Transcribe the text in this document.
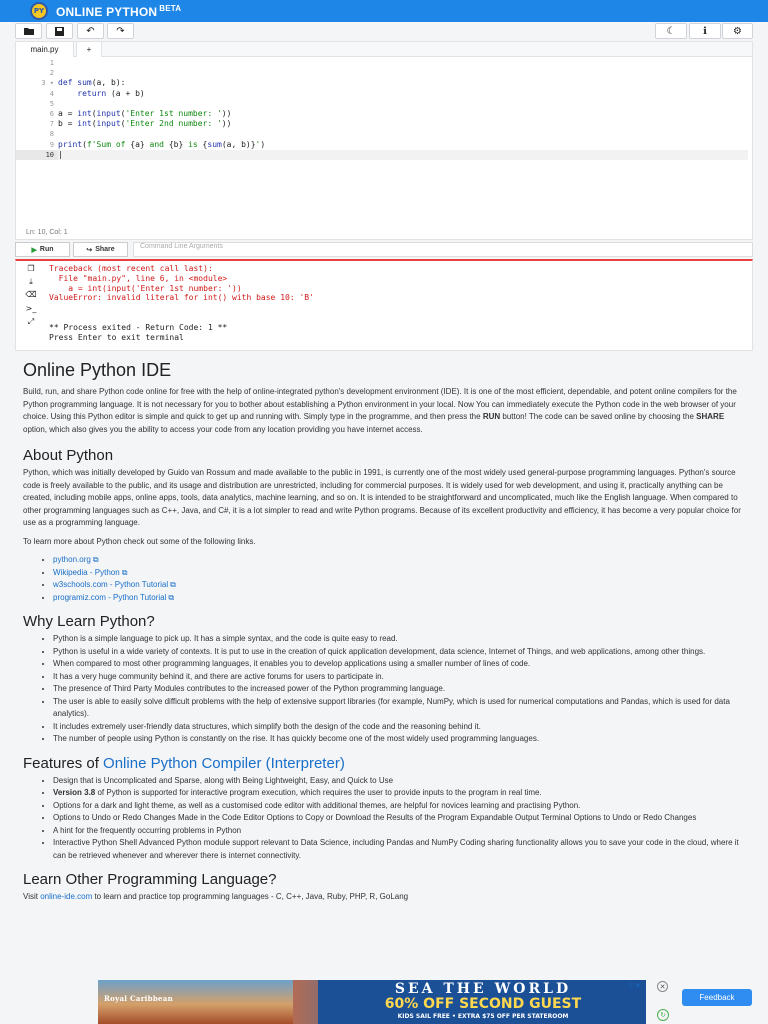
PY ONLINE PYTHON $^{BETA}$
↶	↷	☾	ℹ	⚙
main.py	+
1
2
3 ▾
4
5
6
7
8
9
10
def sum(a, b):
return (a + b)
a = int(input('Enter 1st number: '))
b = int(input('Enter 2nd number: '))
print(f'Sum of {a} and {b} is {sum(a, b)}')
|
Ln: 10, Col: 1
▶ Run	↪ Share	Command Line Arguments
❐
⤓
⌫
>_
⤢
Traceback (most recent call last):
File "main.py", line 6, in <module>
a = int(input('Enter 1st number: '))
ValueError: invalid literal for int() with base 10: 'B'
** Process exited - Return Code: 1 **
Press Enter to exit terminal
Online Python IDE
Build, run, and share Python code online for free with the help of online-integrated python's development environment (IDE). It is one of the most efficient, dependable, and potent online compilers for the Python programming language. It is not necessary for you to bother about establishing a Python environment in your local. Now You can immediately execute the Python code in the web browser of your choice. Using this Python editor is simple and quick to get up and running with. Simply type in the programme, and then press the RUN button! The code can be saved online by choosing the SHARE option, which also gives you the ability to access your code from any location providing you have internet access.
About Python
Python, which was initially developed by Guido van Rossum and made available to the public in 1991, is currently one of the most widely used general-purpose programming languages. Python's source code is freely available to the public, and its usage and distribution are unrestricted, including for commercial purposes. It is widely used for web development, and using it, practically anything can be created, including mobile apps, online apps, tools, data analytics, machine learning, and so on. It is intended to be straightforward and uncomplicated, much like the English language. When compared to other programming languages such as C++, Java, and C#, it is a lot simpler to read and write Python programs. Because of its excellent productivity and efficiency, it has become a very popular choice for use as a programming language.
To learn more about Python check out some of the following links.
• python.org ⧉
• Wikipedia - Python ⧉
• w3schools.com - Python Tutorial ⧉
• programiz.com - Python Tutorial ⧉
Why Learn Python?
• Python is a simple language to pick up. It has a simple syntax, and the code is quite easy to read.
• Python is useful in a wide variety of contexts. It is put to use in the creation of quick application development, data science, Internet of Things, and web applications, among other things.
• When compared to most other programming languages, it enables you to develop applications using a smaller number of lines of code.
• It has a very huge community behind it, and there are active forums for users to participate in.
• The presence of Third Party Modules contributes to the increased power of the Python programming language.
• The user is able to easily solve difficult problems with the help of extensive support libraries (for example, NumPy, which is used for numerical computations and Pandas, which is used for data analytics).
• It includes extremely user-friendly data structures, which simplify both the design of the code and the reasoning behind it.
• The number of people using Python is constantly on the rise. It has quickly become one of the most widely used programming languages.
Features of Online Python Compiler (Interpreter)
• Design that is Uncomplicated and Sparse, along with Being Lightweight, Easy, and Quick to Use
• Version 3.8 of Python is supported for interactive program execution, which requires the user to provide inputs to the program in real time.
• Options for a dark and light theme, as well as a customised code editor with additional themes, are helpful for novices learning and practising Python.
• Options to Undo or Redo Changes Made in the Code Editor Options to Copy or Download the Results of the Program Expandable Output Terminal Options to Undo or Redo Changes
• A hint for the frequently occurring problems in Python
• Interactive Python Shell Advanced Python module support relevant to Data Science, including Pandas and NumPy Coding sharing functionality allows you to save your code in the cloud, where it can be retrieved whenever and wherever there is internet connectivity.
Learn Other Programming Language?
Visit online-ide.com to learn and practice top programming languages - C, C++, Java, Ruby, PHP, R, GoLang
Royal Caribbean
SEA THE WORLD
60% OFF SECOND GUEST
KIDS SAIL FREE • EXTRA $75 OFF PER STATEROOM
ⓘ✕	✕
↻
Feedback
